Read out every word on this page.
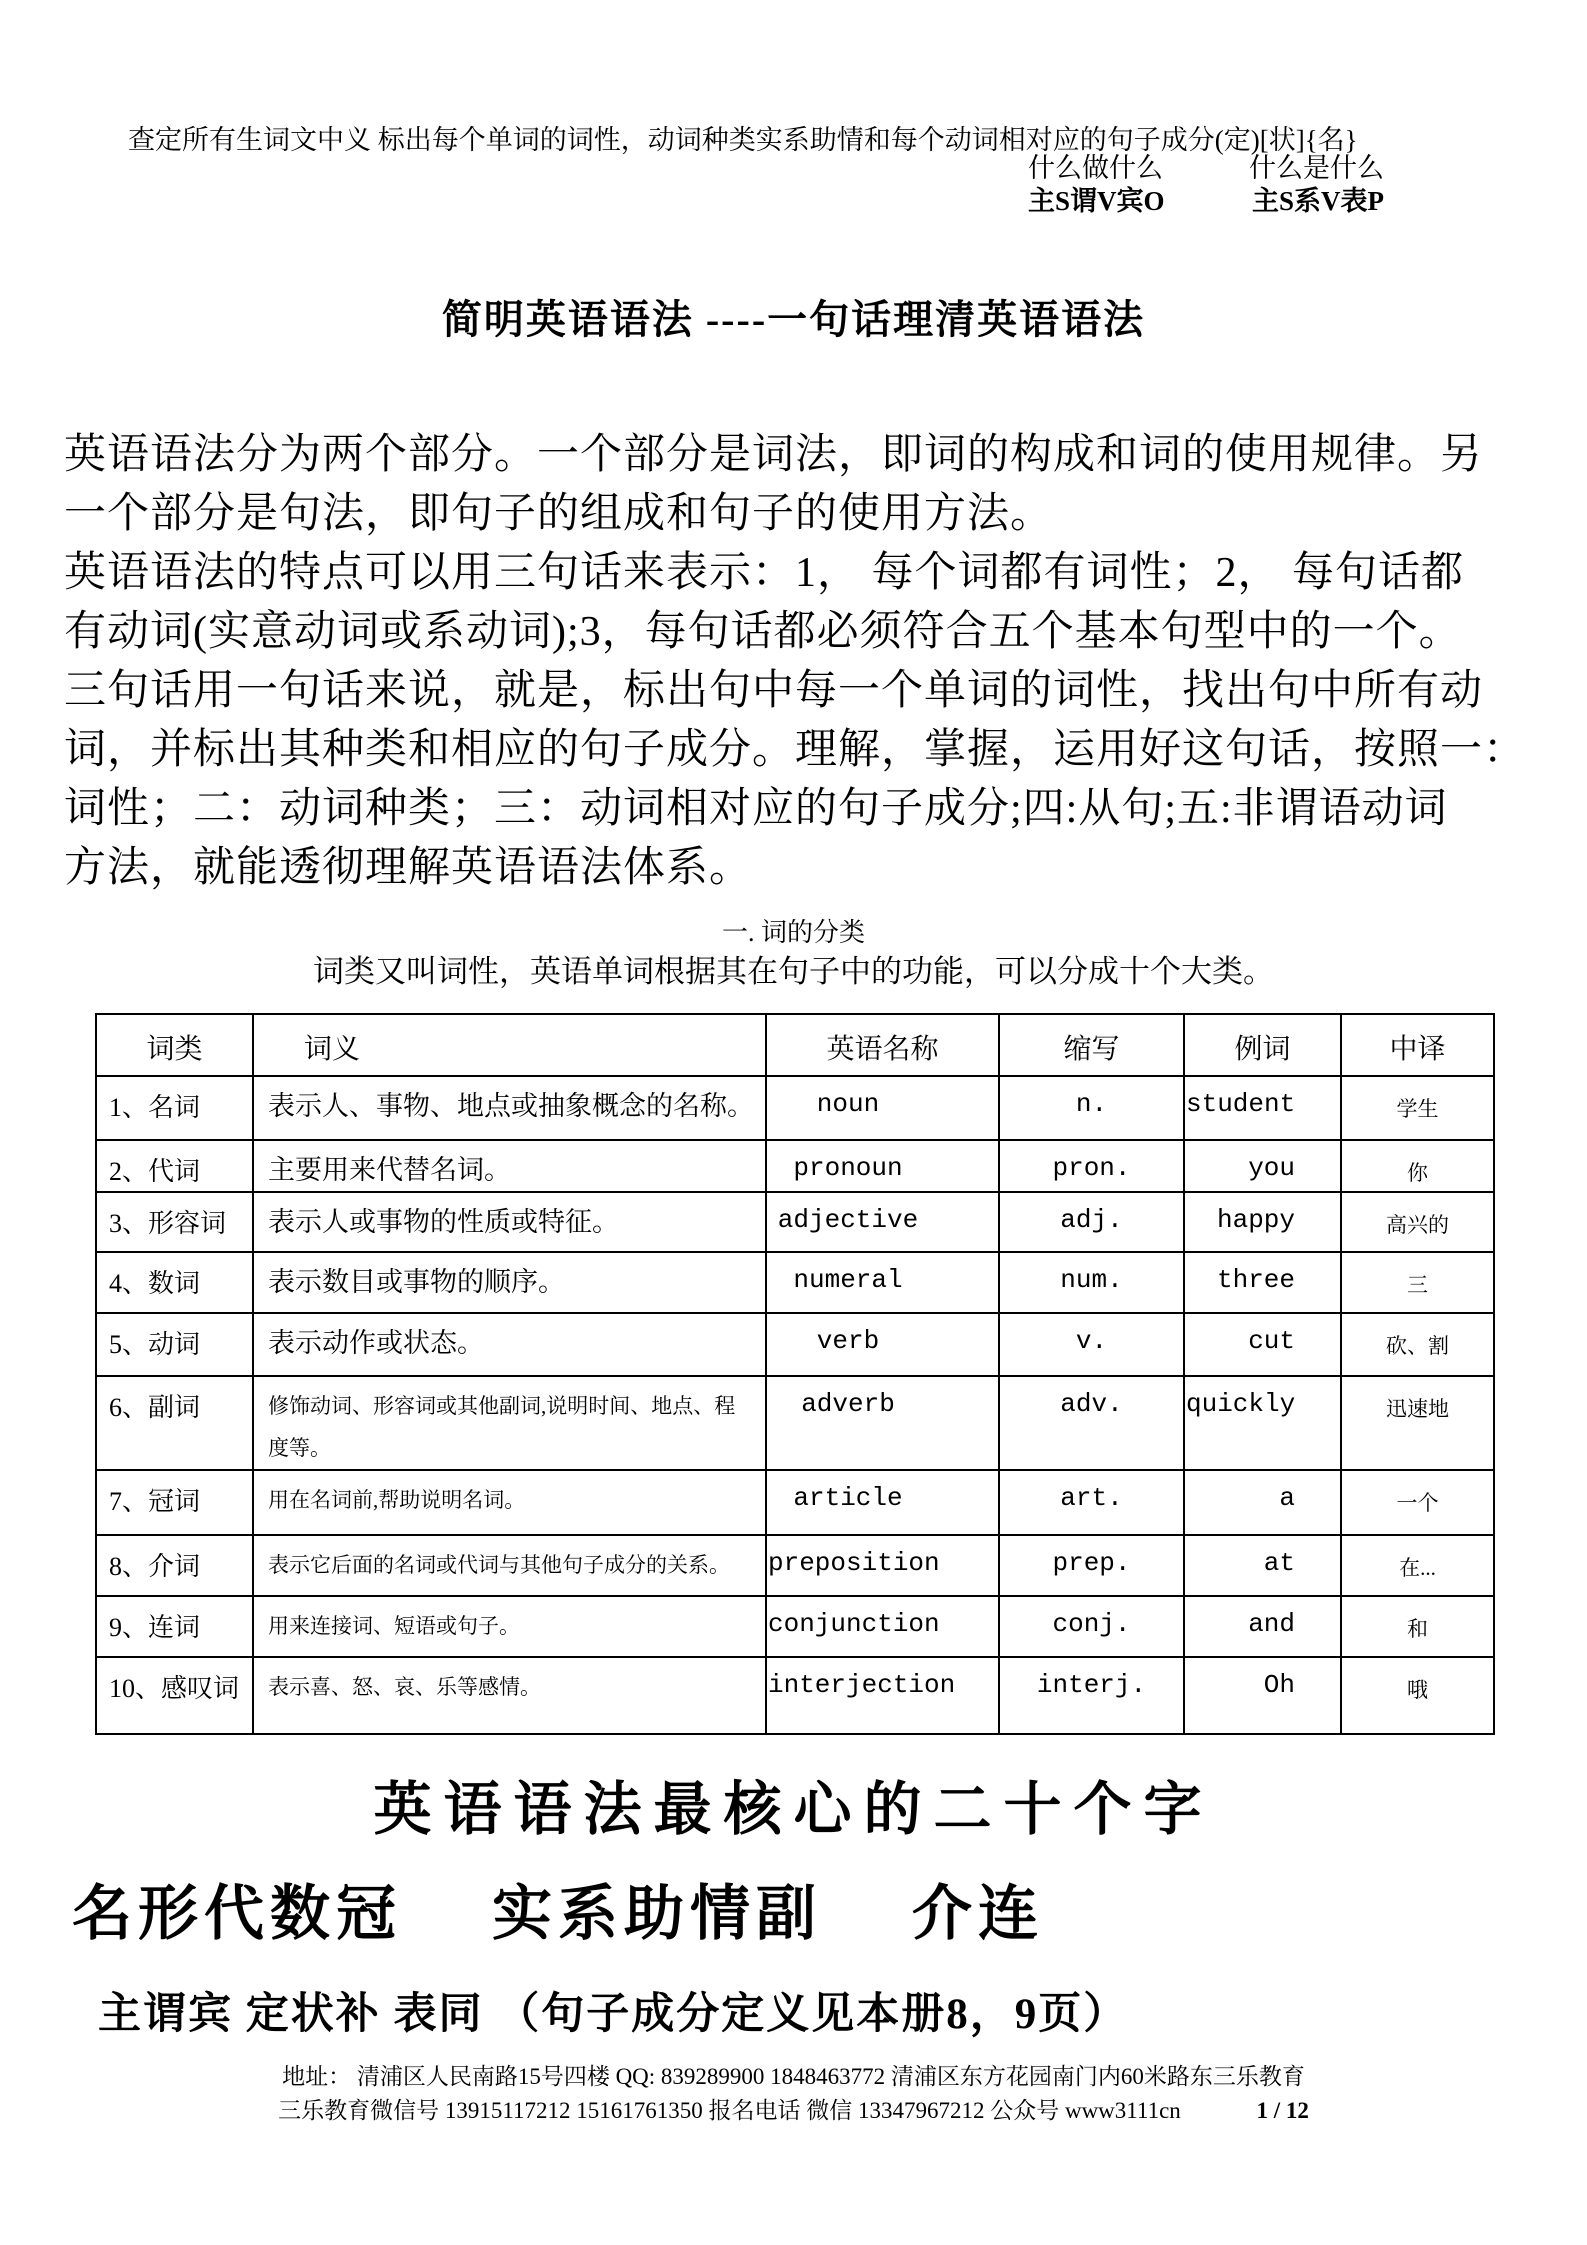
查定所有生词文中义 标出每个单词的词性，动词种类实系助情和每个动词相对应的句子成分(定)[状]{名}
什么做什么	什么是什么
主S谓V宾O	主S系V表P
简明英语语法 ----一句话理清英语语法
英语语法分为两个部分。一个部分是词法，即词的构成和词的使用规律。另
一个部分是句法，即句子的组成和句子的使用方法。
英语语法的特点可以用三句话来表示：1， 每个词都有词性；2， 每句话都
有动词(实意动词或系动词);3，每句话都必须符合五个基本句型中的一个。
三句话用一句话来说，就是，标出句中每一个单词的词性，找出句中所有动
词，并标出其种类和相应的句子成分。理解，掌握，运用好这句话，按照一：
词性；二：动词种类；三：动词相对应的句子成分;四:从句;五:非谓语动词
方法，就能透彻理解英语语法体系。
一. 词的分类
词类又叫词性，英语单词根据其在句子中的功能，可以分成十个大类。
词类	词义	英语名称	缩写	例词	中译
1、名词	表示人、事物、地点或抽象概念的名称。	noun	n.	student	学生
2、代词	主要用来代替名词。	pronoun	pron.	you	你
3、形容词	表示人或事物的性质或特征。	adjective	adj.	happy	高兴的
4、数词	表示数目或事物的顺序。	numeral	num.	three	三
5、动词	表示动作或状态。	verb	v.	cut	砍、割
6、副词	修饰动词、形容词或其他副词,说明时间、地点、程度等。	adverb	adv.	quickly	迅速地
7、冠词	用在名词前,帮助说明名词。	article	art.	a	一个
8、介词	表示它后面的名词或代词与其他句子成分的关系。	preposition	prep.	at	在...
9、连词	用来连接词、短语或句子。	conjunction	conj.	and	和
10、感叹词	表示喜、怒、哀、乐等感情。	interjection	interj.	Oh	哦
英语语法最核心的二十个字
名形代数冠 实系助情副 介连
主谓宾 定状补 表同 （句子成分定义见本册8，9页）
地址： 清浦区人民南路15号四楼 QQ: 839289900 1848463772 清浦区东方花园南门内60米路东三乐教育
三乐教育微信号 13915117212 15161761350 报名电话 微信 13347967212 公众号 www3111cn	1 / 12
